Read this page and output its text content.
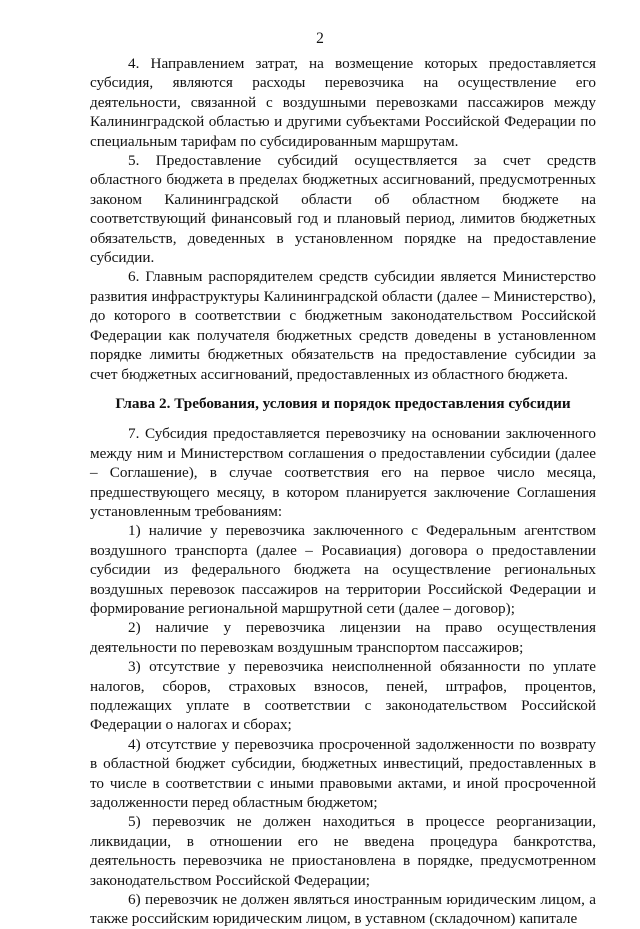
2

4. Направлением затрат, на возмещение которых предоставляется субсидия, являются расходы перевозчика на осуществление его деятельности, связанной с воздушными перевозками пассажиров между Калининградской областью и другими субъектами Российской Федерации по специальным тарифам по субсидированным маршрутам.

5. Предоставление субсидий осуществляется за счет средств областного бюджета в пределах бюджетных ассигнований, предусмотренных законом Калининградской области об областном бюджете на соответствующий финансовый год и плановый период, лимитов бюджетных обязательств, доведенных в установленном порядке на предоставление субсидии.

6. Главным распорядителем средств субсидии является Министерство развития инфраструктуры Калининградской области (далее – Министерство), до которого в соответствии с бюджетным законодательством Российской Федерации как получателя бюджетных средств доведены в установленном порядке лимиты бюджетных обязательств на предоставление субсидии за счет бюджетных ассигнований, предоставленных из областного бюджета.

Глава 2. Требования, условия и порядок предоставления субсидии

7. Субсидия предоставляется перевозчику на основании заключенного между ним и Министерством соглашения о предоставлении субсидии (далее – Соглашение), в случае соответствия его на первое число месяца, предшествующего месяцу, в котором планируется заключение Соглашения установленным требованиям:

1) наличие у перевозчика заключенного с Федеральным агентством воздушного транспорта (далее – Росавиация) договора о предоставлении субсидии из федерального бюджета на осуществление региональных воздушных перевозок пассажиров на территории Российской Федерации и формирование региональной маршрутной сети (далее – договор);

2) наличие у перевозчика лицензии на право осуществления деятельности по перевозкам воздушным транспортом пассажиров;

3) отсутствие у перевозчика неисполненной обязанности по уплате налогов, сборов, страховых взносов, пеней, штрафов, процентов, подлежащих уплате в соответствии с законодательством Российской Федерации о налогах и сборах;

4) отсутствие у перевозчика просроченной задолженности по возврату в областной бюджет субсидии, бюджетных инвестиций, предоставленных в то числе в соответствии с иными правовыми актами, и иной просроченной задолженности перед областным бюджетом;

5) перевозчик не должен находиться в процессе реорганизации, ликвидации, в отношении его не введена процедура банкротства, деятельность перевозчика не приостановлена в порядке, предусмотренном законодательством Российской Федерации;

6) перевозчик не должен являться иностранным юридическим лицом, а также российским юридическим лицом, в уставном (складочном) капитале
